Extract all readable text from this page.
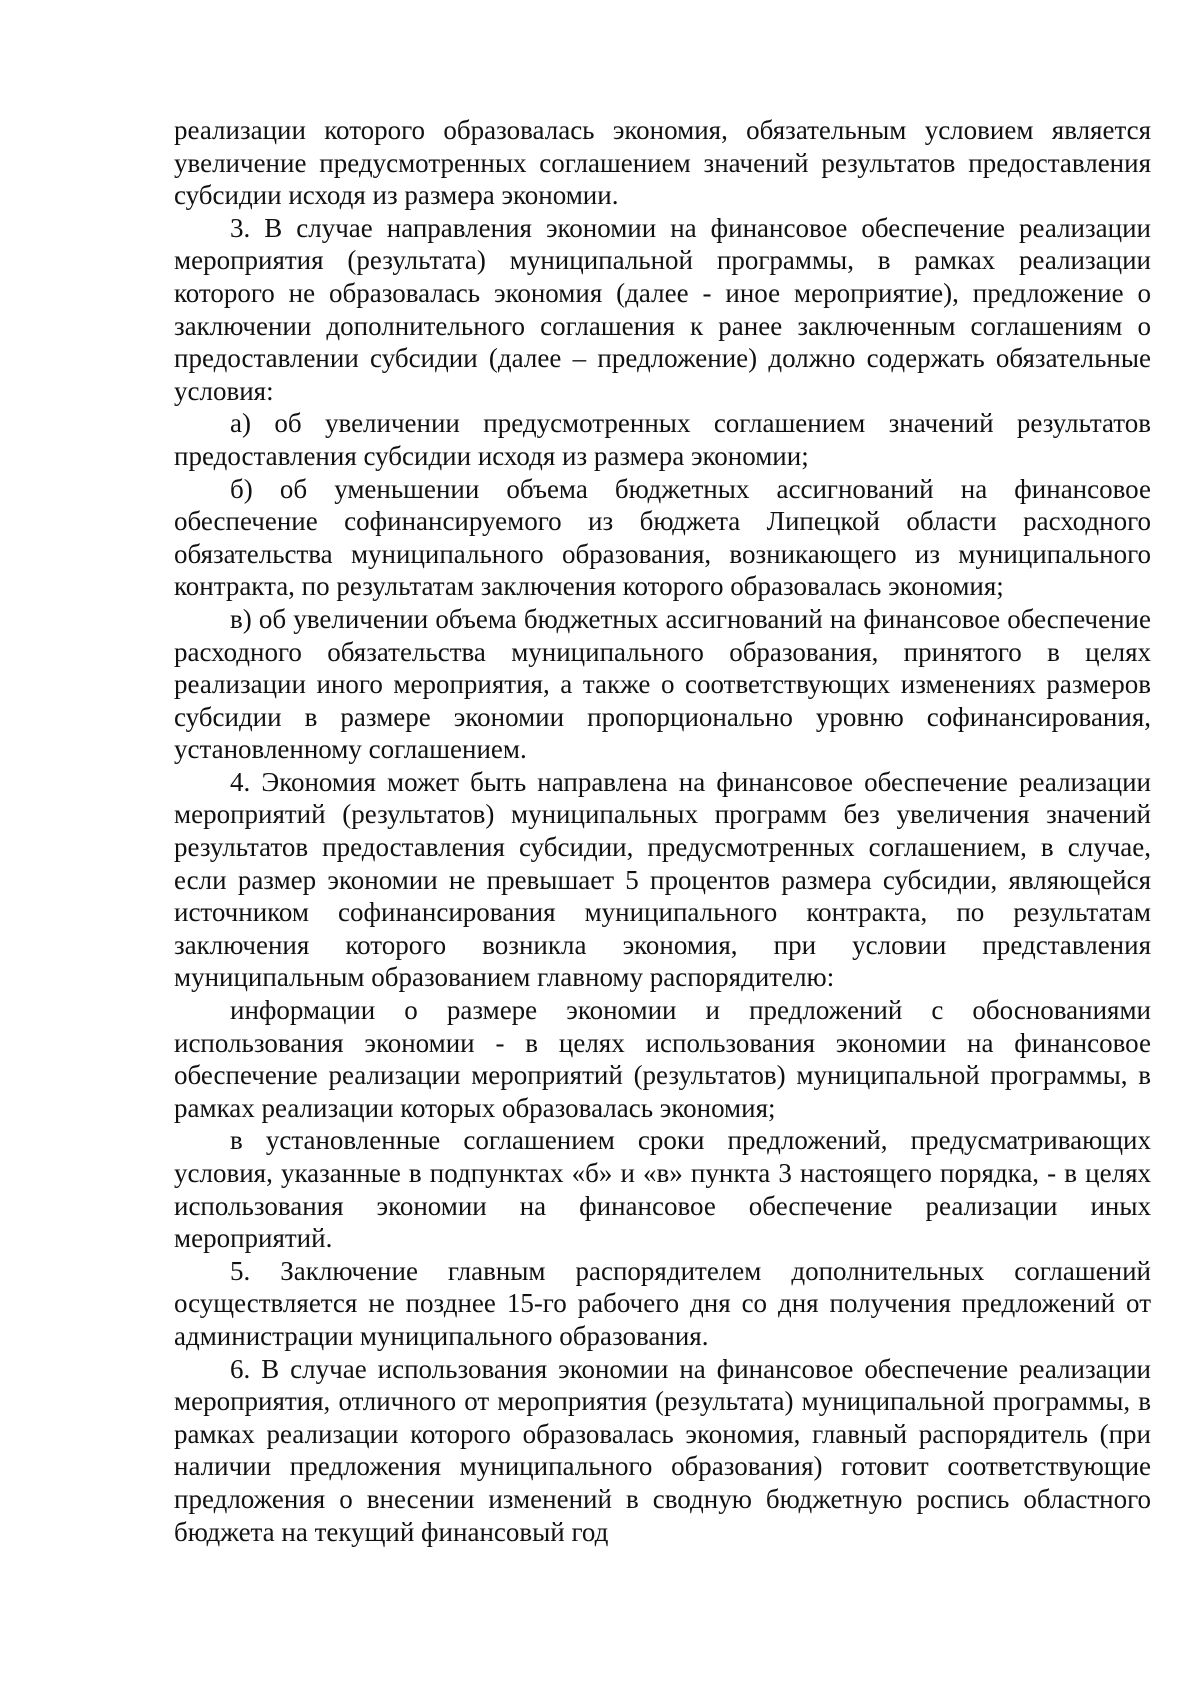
реализации которого образовалась экономия, обязательным условием является увеличение предусмотренных соглашением значений результатов предоставления субсидии исходя из размера экономии.

3. В случае направления экономии на финансовое обеспечение реализации мероприятия (результата) муниципальной программы, в рамках реализации которого не образовалась экономия (далее - иное мероприятие), предложение о заключении дополнительного соглашения к ранее заключенным соглашениям о предоставлении субсидии (далее – предложение) должно содержать обязательные условия:

а) об увеличении предусмотренных соглашением значений результатов предоставления субсидии исходя из размера экономии;

б) об уменьшении объема бюджетных ассигнований на финансовое обеспечение софинансируемого из бюджета Липецкой области расходного обязательства муниципального образования, возникающего из муниципального контракта, по результатам заключения которого образовалась экономия;

в) об увеличении объема бюджетных ассигнований на финансовое обеспечение расходного обязательства муниципального образования, принятого в целях реализации иного мероприятия, а также о соответствующих изменениях размеров субсидии в размере экономии пропорционально уровню софинансирования, установленному соглашением.

4. Экономия может быть направлена на финансовое обеспечение реализации мероприятий (результатов) муниципальных программ без увеличения значений результатов предоставления субсидии, предусмотренных соглашением, в случае, если размер экономии не превышает 5 процентов размера субсидии, являющейся источником софинансирования муниципального контракта, по результатам заключения которого возникла экономия, при условии представления муниципальным образованием главному распорядителю:

информации о размере экономии и предложений с обоснованиями использования экономии - в целях использования экономии на финансовое обеспечение реализации мероприятий (результатов) муниципальной программы, в рамках реализации которых образовалась экономия;

в установленные соглашением сроки предложений, предусматривающих условия, указанные в подпунктах «б» и «в» пункта 3 настоящего порядка, - в целях использования экономии на финансовое обеспечение реализации иных мероприятий.

5. Заключение главным распорядителем дополнительных соглашений осуществляется не позднее 15-го рабочего дня со дня получения предложений от администрации муниципального образования.

6. В случае использования экономии на финансовое обеспечение реализации мероприятия, отличного от мероприятия (результата) муниципальной программы, в рамках реализации которого образовалась экономия, главный распорядитель (при наличии предложения муниципального образования) готовит соответствующие предложения о внесении изменений в сводную бюджетную роспись областного бюджета на текущий финансовый год
